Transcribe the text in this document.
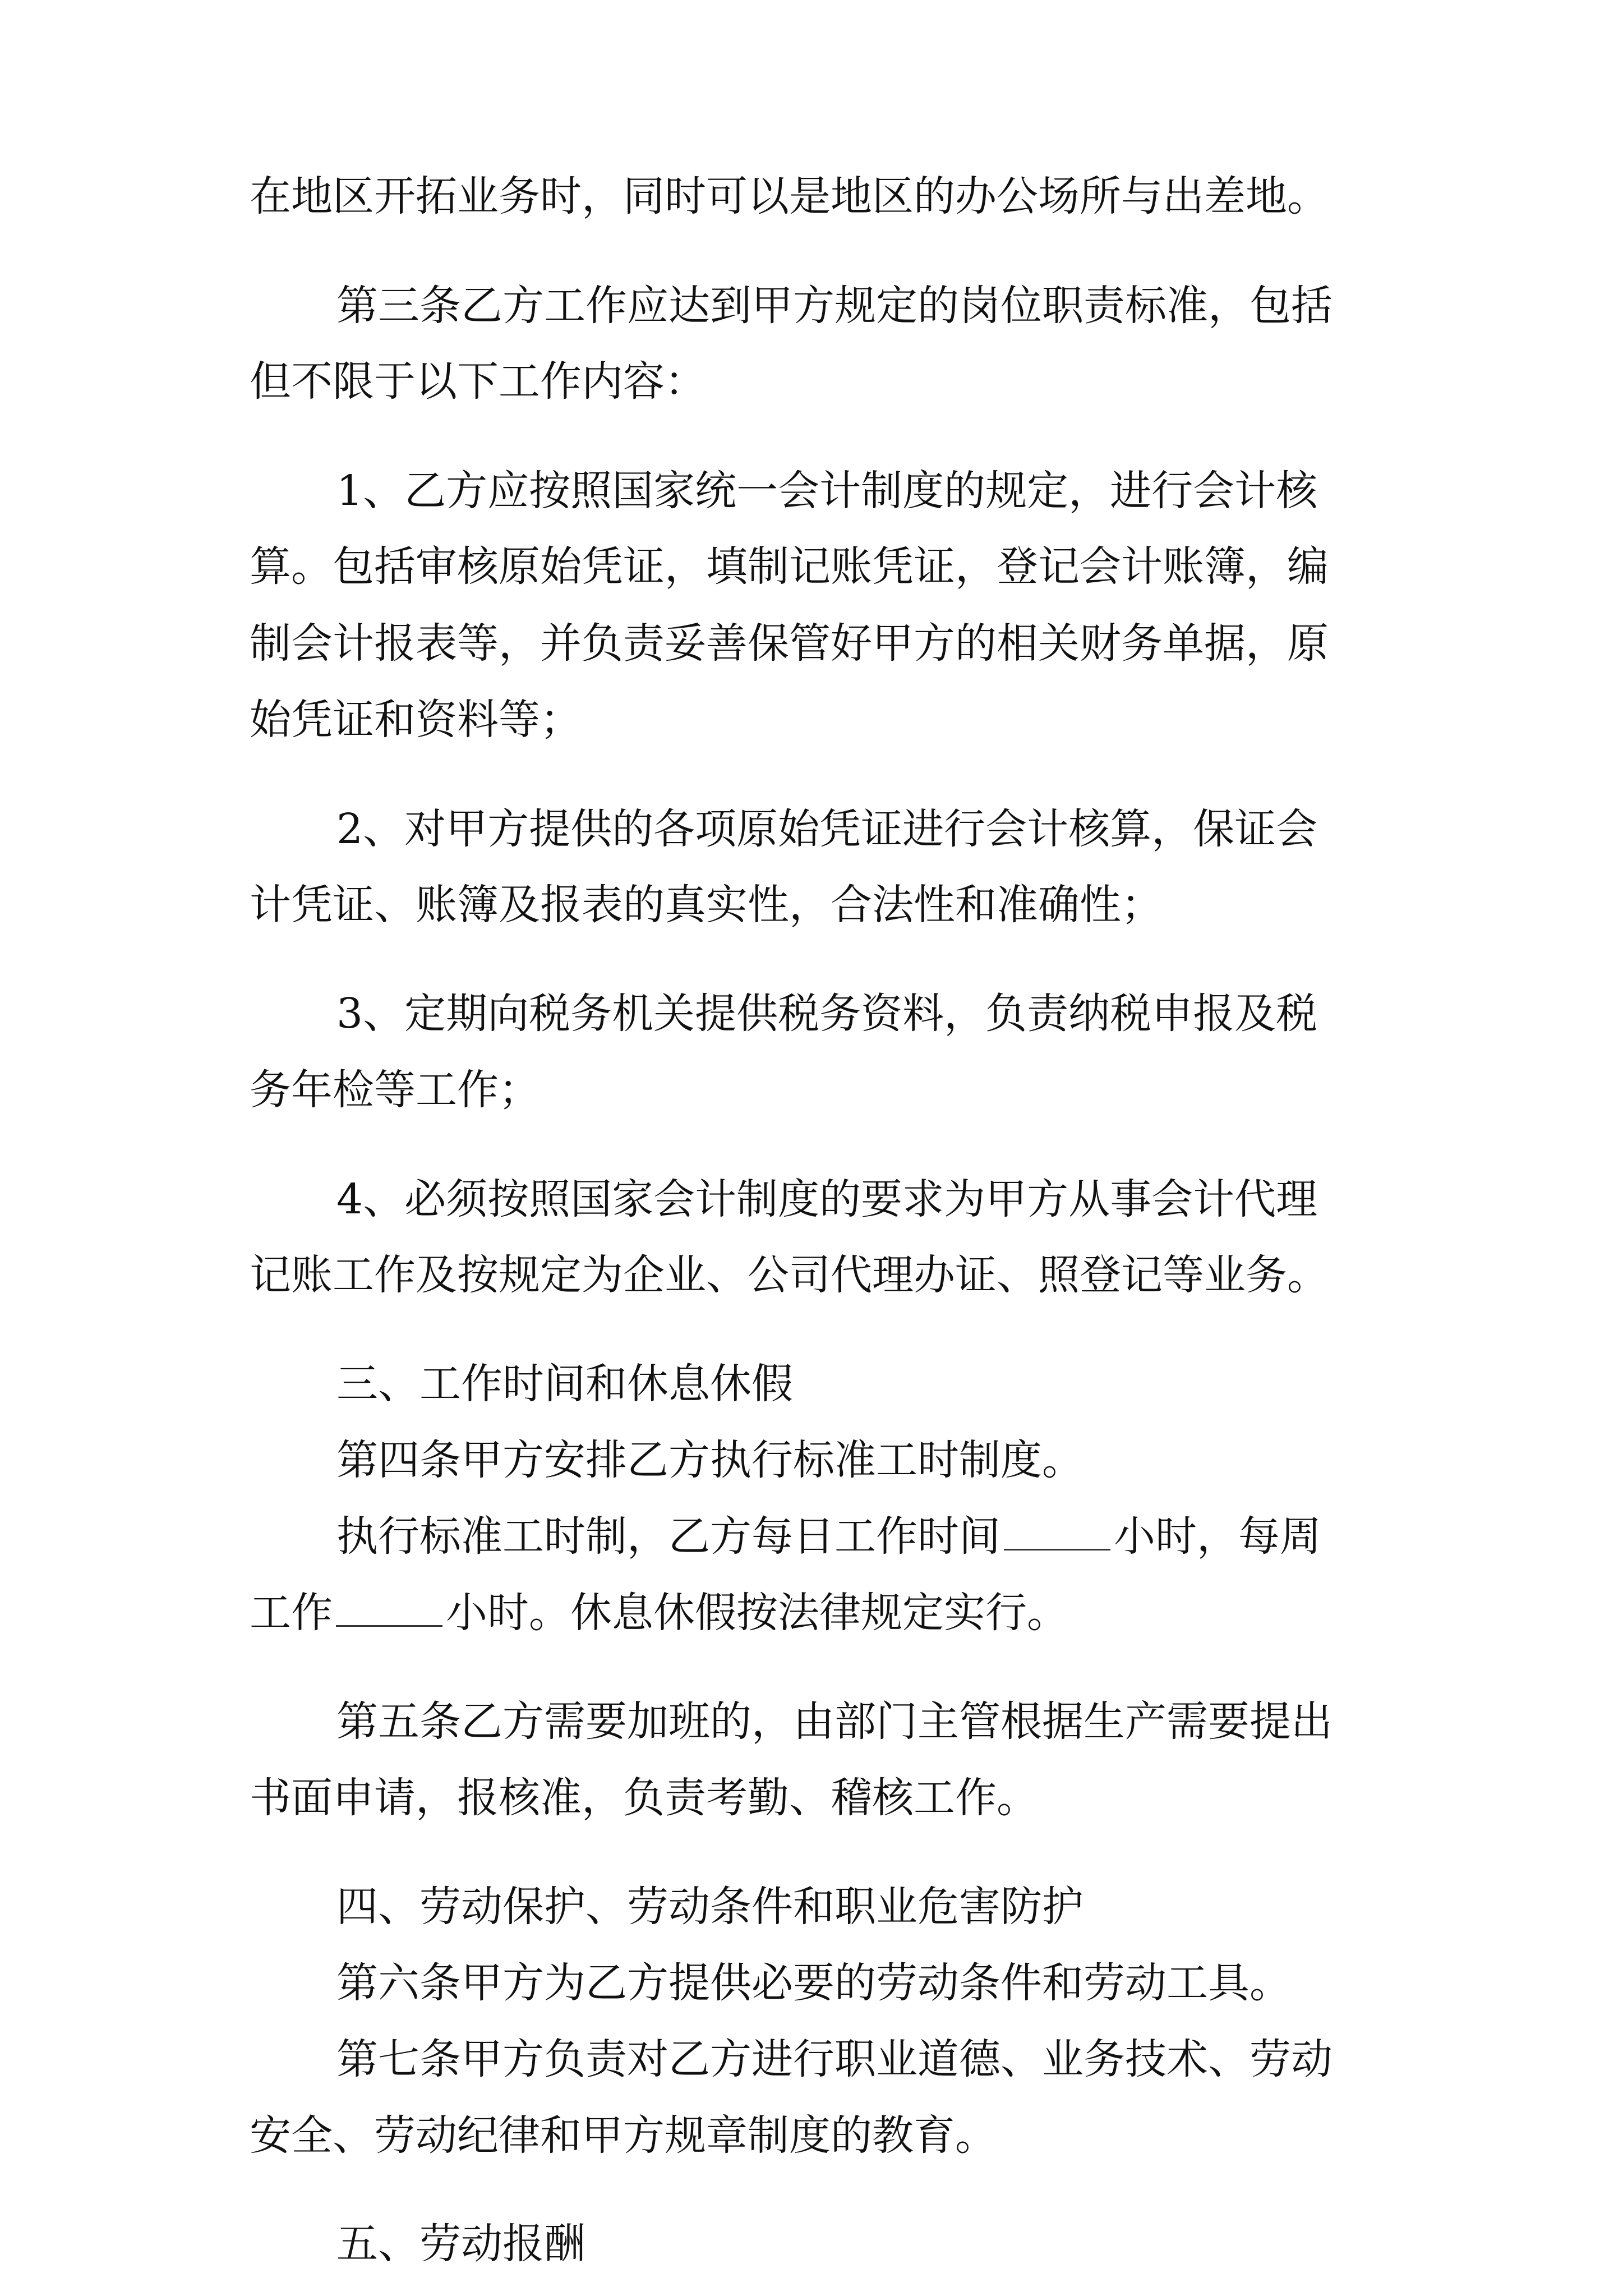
在地区开拓业务时，同时可以是地区的办公场所与出差地。
第三条乙方工作应达到甲方规定的岗位职责标准，包括
但不限于以下工作内容：
1、乙方应按照国家统一会计制度的规定，进行会计核
算。包括审核原始凭证，填制记账凭证，登记会计账簿，编
制会计报表等，并负责妥善保管好甲方的相关财务单据，原
始凭证和资料等；
2、对甲方提供的各项原始凭证进行会计核算，保证会
计凭证、账簿及报表的真实性，合法性和准确性；
3、定期向税务机关提供税务资料，负责纳税申报及税
务年检等工作；
4、必须按照国家会计制度的要求为甲方从事会计代理
记账工作及按规定为企业、公司代理办证、照登记等业务。
三、工作时间和休息休假
第四条甲方安排乙方执行标准工时制度。
执行标准工时制，乙方每日工作时间	小时，每周
工作	小时。休息休假按法律规定实行。
第五条乙方需要加班的，由部门主管根据生产需要提出
书面申请，报核准，负责考勤、稽核工作。
四、劳动保护、劳动条件和职业危害防护
第六条甲方为乙方提供必要的劳动条件和劳动工具。
第七条甲方负责对乙方进行职业道德、业务技术、劳动
安全、劳动纪律和甲方规章制度的教育。
五、劳动报酬
